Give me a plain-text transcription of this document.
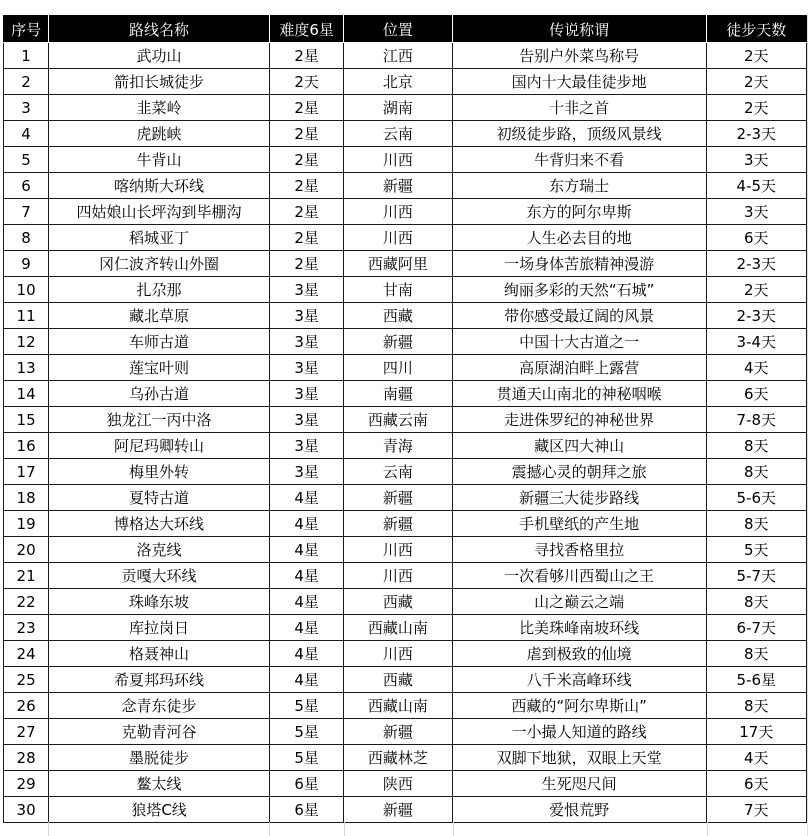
序号	路线名称	难度6星	位置	传说称谓	徒步天数
1	武功山	2星	江西	告别户外菜鸟称号	2天
2	箭扣长城徒步	2天	北京	国内十大最佳徒步地	2天
3	韭菜岭	2星	湖南	十非之首	2天
4	虎跳峡	2星	云南	初级徒步路，顶级风景线	2-3天
5	牛背山	2星	川西	牛背归来不看	3天
6	喀纳斯大环线	2星	新疆	东方瑞士	4-5天
7	四姑娘山长坪沟到毕棚沟	2星	川西	东方的阿尔卑斯	3天
8	稻城亚丁	2星	川西	人生必去目的地	6天
9	冈仁波齐转山外圈	2星	西藏阿里	一场身体苦旅精神漫游	2-3天
10	扎尕那	3星	甘南	绚丽多彩的天然“石城”	2天
11	藏北草原	3星	西藏	带你感受最辽阔的风景	2-3天
12	车师古道	3星	新疆	中国十大古道之一	3-4天
13	莲宝叶则	3星	四川	高原湖泊畔上露营	4天
14	乌孙古道	3星	南疆	贯通天山南北的神秘咽喉	6天
15	独龙江一丙中洛	3星	西藏云南	走进侏罗纪的神秘世界	7-8天
16	阿尼玛卿转山	3星	青海	藏区四大神山	8天
17	梅里外转	3星	云南	震撼心灵的朝拜之旅	8天
18	夏特古道	4星	新疆	新疆三大徒步路线	5-6天
19	博格达大环线	4星	新疆	手机壁纸的产生地	8天
20	洛克线	4星	川西	寻找香格里拉	5天
21	贡嘎大环线	4星	川西	一次看够川西蜀山之王	5-7天
22	珠峰东坡	4星	西藏	山之巅云之端	8天
23	库拉岗日	4星	西藏山南	比美珠峰南坡环线	6-7天
24	格聂神山	4星	川西	虐到极致的仙境	8天
25	希夏邦玛环线	4星	西藏	八千米高峰环线	5-6星
26	念青东徒步	5星	西藏山南	西藏的“阿尔卑斯山”	8天
27	克勒青河谷	5星	新疆	一小撮人知道的路线	17天
28	墨脱徒步	5星	西藏林芝	双脚下地狱，双眼上天堂	4天
29	鳌太线	6星	陕西	生死咫尺间	6天
30	狼塔C线	6星	新疆	爱恨荒野	7天
